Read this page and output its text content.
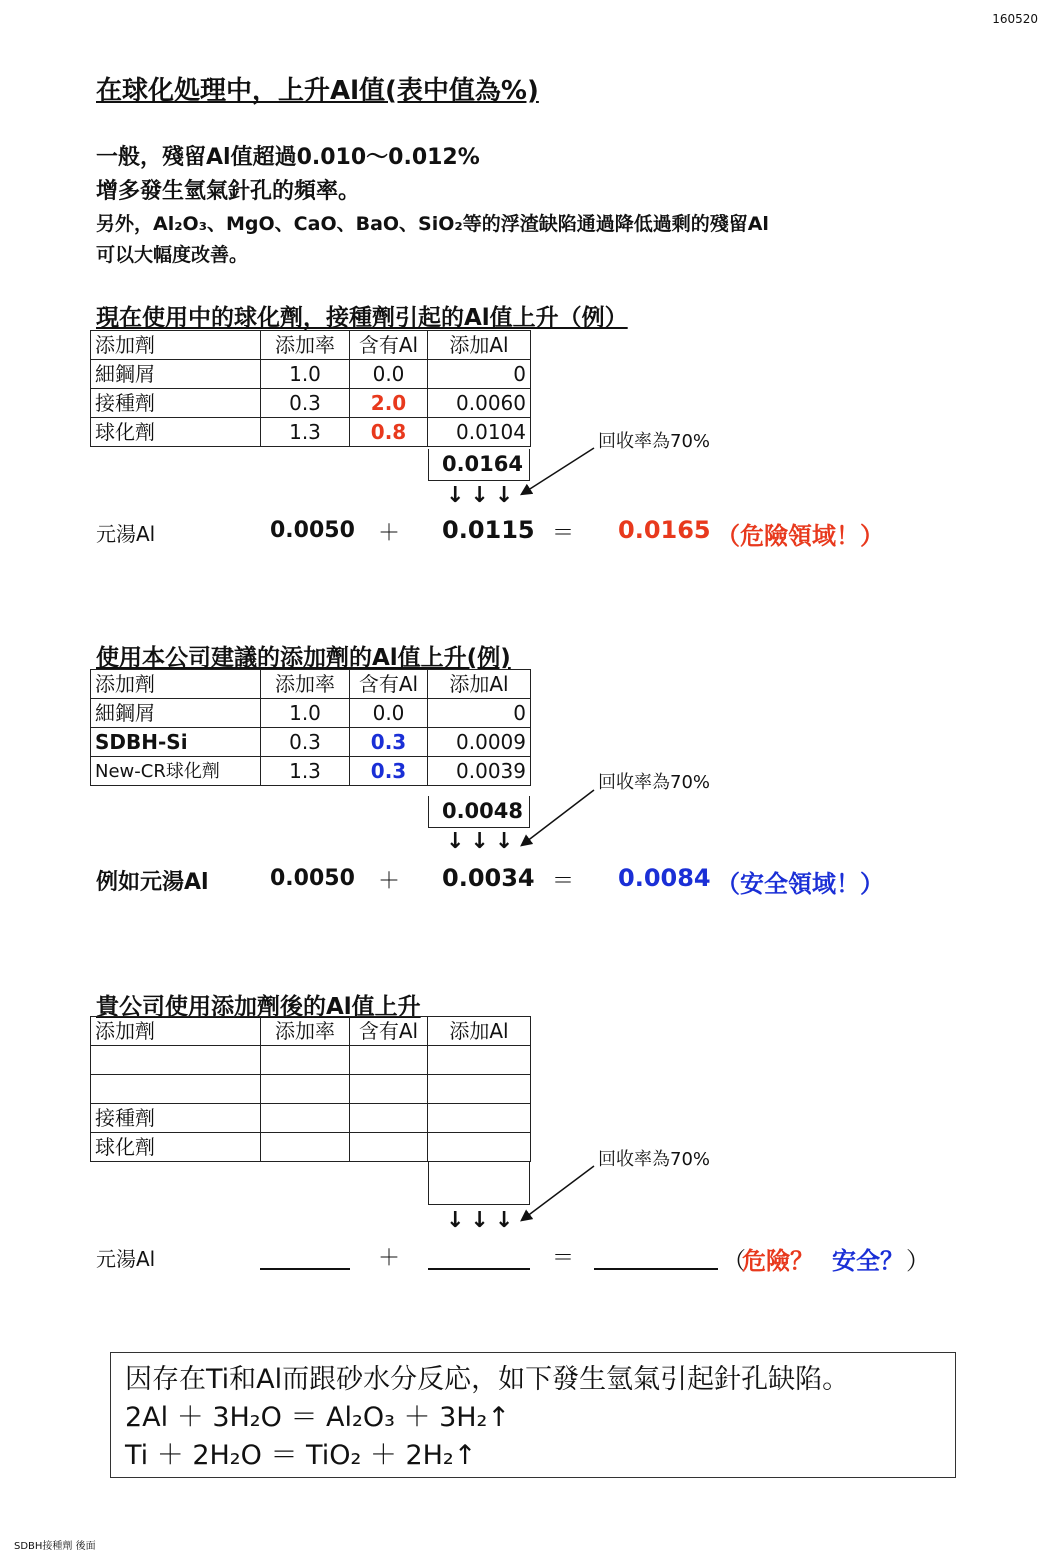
160520
在球化処理中，上升Al值(表中值為%)
一般，殘留Al值超過0.010～0.012%
增多發生氫氣針孔的頻率。
另外，Al₂O₃、MgO、CaO、BaO、SiO₂等的浮渣缺陷通過降低過剩的殘留Al
可以大幅度改善。
現在使用中的球化劑，接種劑引起的Al值上升（例）
添加劑	添加率	含有Al	添加Al
細鋼屑	1.0	0.0	0
接種劑	0.3	2.0	0.0060
球化劑	1.3	0.8	0.0104
0.0164
↓↓↓
回收率為70%
元湯Al	0.0050 ＋ 0.0115 ＝ 0.0165 （危險領域！）
使用本公司建議的添加劑的Al值上升(例)
添加劑	添加率	含有Al	添加Al
細鋼屑	1.0	0.0	0
SDBH-Si	0.3	0.3	0.0009
New-CR球化劑	1.3	0.3	0.0039
0.0048
↓↓↓
回收率為70%
例如元湯Al	0.0050 ＋ 0.0034 ＝ 0.0084 （安全領域！）
貴公司使用添加劑後的Al值上升
添加劑	添加率	含有Al	添加Al

接種劑			
球化劑			
↓↓↓
回收率為70%
元湯Al	＋	＝	（
危險？ 安全？ ）
因存在Ti和Al而跟砂水分反応，如下發生氫氣引起針孔缺陷。
2Al ＋ 3H₂O ＝ Al₂O₃ ＋ 3H₂↑
Ti ＋ 2H₂O ＝ TiO₂ ＋ 2H₂↑
SDBH接種劑 後面
